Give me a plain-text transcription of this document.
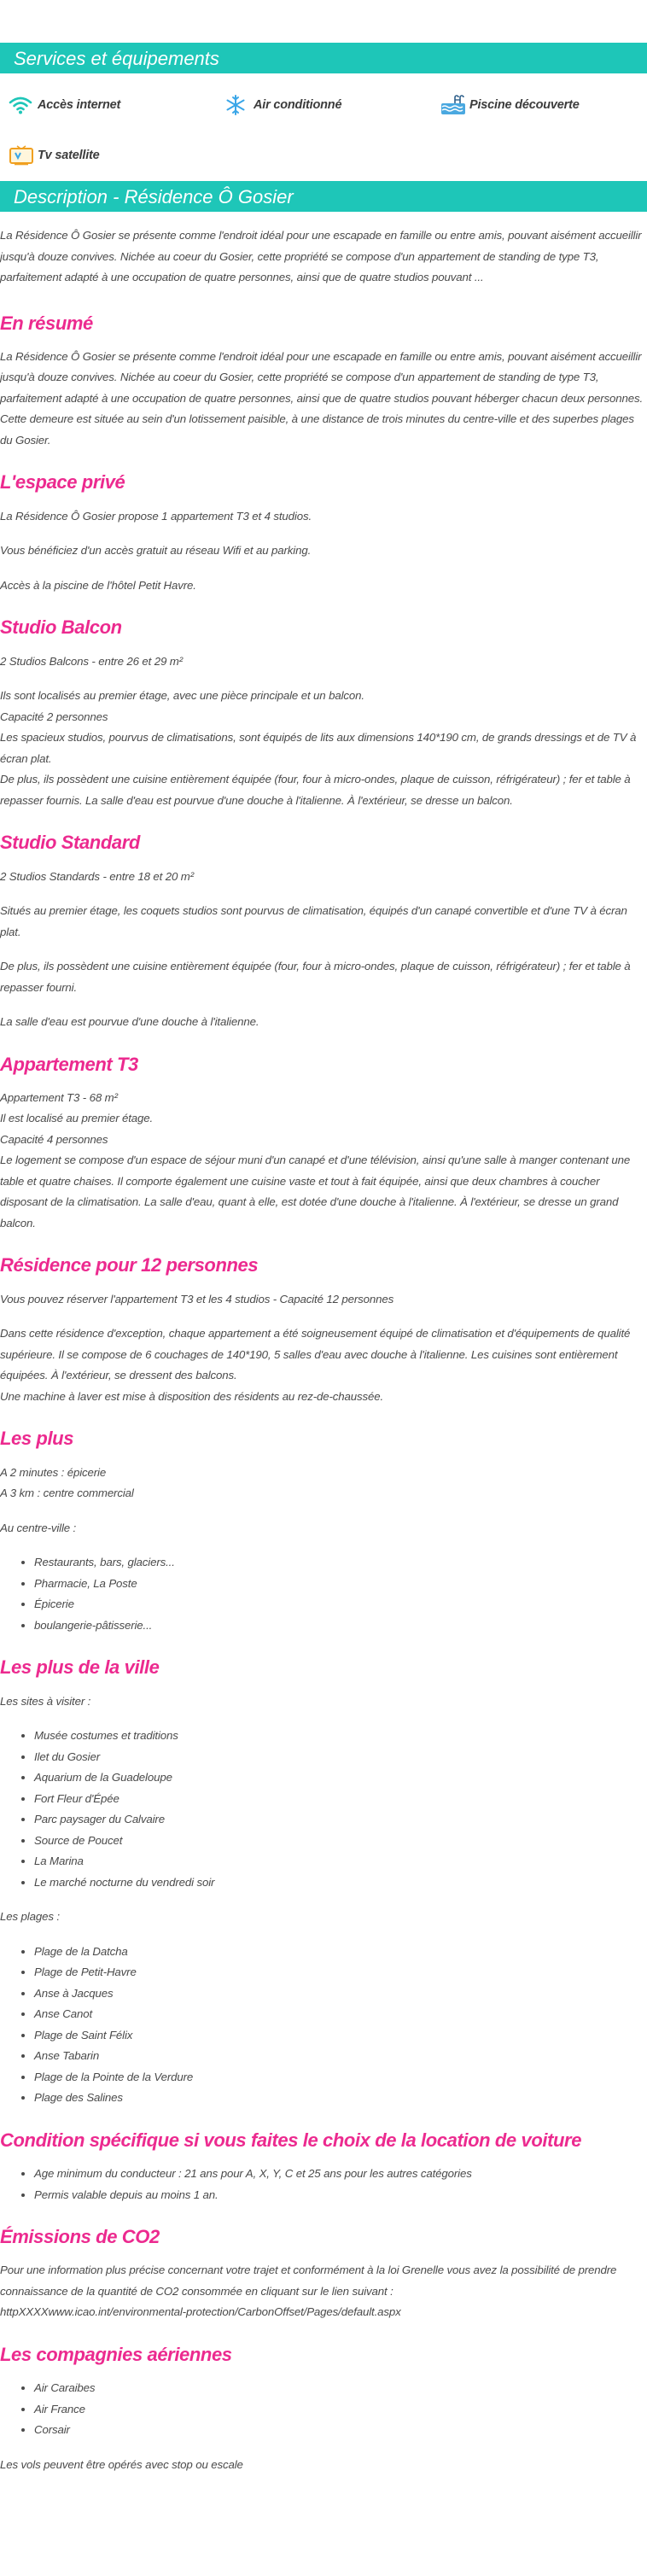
Services et équipements
Accès internet	Air conditionné	Piscine découverte
Tv satellite
Description - Résidence Ô Gosier

La Résidence Ô Gosier se présente comme l'endroit idéal pour une escapade en famille ou entre amis, pouvant aisément accueillir jusqu'à douze convives. Nichée au coeur du Gosier, cette propriété se compose d'un appartement de standing de type T3, parfaitement adapté à une occupation de quatre personnes, ainsi que de quatre studios pouvant ...

En résumé

La Résidence Ô Gosier se présente comme l'endroit idéal pour une escapade en famille ou entre amis, pouvant aisément accueillir jusqu'à douze convives. Nichée au coeur du Gosier, cette propriété se compose d'un appartement de standing de type T3, parfaitement adapté à une occupation de quatre personnes, ainsi que de quatre studios pouvant héberger chacun deux personnes.

Cette demeure est située au sein d'un lotissement paisible, à une distance de trois minutes du centre-ville et des superbes plages du Gosier.

L'espace privé

La Résidence Ô Gosier propose 1 appartement T3 et 4 studios.

Vous bénéficiez d'un accès gratuit au réseau Wifi et au parking.

Accès à la piscine de l'hôtel Petit Havre.

Studio Balcon

2 Studios Balcons - entre 26 et 29 m²

Ils sont localisés au premier étage, avec une pièce principale et un balcon.

Capacité 2 personnes

Les spacieux studios, pourvus de climatisations, sont équipés de lits aux dimensions 140*190 cm, de grands dressings et de TV à écran plat.

De plus, ils possèdent une cuisine entièrement équipée (four, four à micro-ondes, plaque de cuisson, réfrigérateur) ; fer et table à repasser fournis. La salle d'eau est pourvue d'une douche à l'italienne. À l'extérieur, se dresse un balcon.

Studio Standard

2 Studios Standards - entre 18 et 20 m²

Situés au premier étage, les coquets studios sont pourvus de climatisation, équipés d'un canapé convertible et d'une TV à écran plat.

De plus, ils possèdent une cuisine entièrement équipée (four, four à micro-ondes, plaque de cuisson, réfrigérateur) ; fer et table à repasser fourni.

La salle d'eau est pourvue d'une douche à l'italienne.

Appartement T3

Appartement T3 - 68 m²

Il est localisé au premier étage.

Capacité 4 personnes

Le logement se compose d'un espace de séjour muni d'un canapé et d'une télévision, ainsi qu'une salle à manger contenant une table et quatre chaises. Il comporte également une cuisine vaste et tout à fait équipée, ainsi que deux chambres à coucher disposant de la climatisation. La salle d'eau, quant à elle, est dotée d'une douche à l'italienne. À l'extérieur, se dresse un grand balcon.

Résidence pour 12 personnes

Vous pouvez réserver l'appartement T3 et les 4 studios - Capacité 12 personnes

Dans cette résidence d'exception, chaque appartement a été soigneusement équipé de climatisation et d'équipements de qualité supérieure. Il se compose de 6 couchages de 140*190, 5 salles d'eau avec douche à l'italienne. Les cuisines sont entièrement équipées. À l'extérieur, se dressent des balcons.

Une machine à laver est mise à disposition des résidents au rez-de-chaussée.

Les plus

A 2 minutes : épicerie

A 3 km : centre commercial

Au centre-ville :

• Restaurants, bars, glaciers...
• Pharmacie, La Poste
• Épicerie
• boulangerie-pâtisserie...
Les plus de la ville

Les sites à visiter :

• Musée costumes et traditions
• Ilet du Gosier
• Aquarium de la Guadeloupe
• Fort Fleur d'Épée
• Parc paysager du Calvaire
• Source de Poucet
• La Marina
• Le marché nocturne du vendredi soir

Les plages :

• Plage de la Datcha
• Plage de Petit-Havre
• Anse à Jacques
• Anse Canot
• Plage de Saint Félix
• Anse Tabarin
• Plage de la Pointe de la Verdure
• Plage des Salines
Condition spécifique si vous faites le choix de la location de voiture
• Age minimum du conducteur : 21 ans pour A, X, Y, C et 25 ans pour les autres catégories
• Permis valable depuis au moins 1 an.
Émissions de CO2

Pour une information plus précise concernant votre trajet et conformément à la loi Grenelle vous avez la possibilité de prendre connaissance de la quantité de CO2 consommée en cliquant sur le lien suivant :

httpXXXXwww.icao.int/environmental-protection/CarbonOffset/Pages/default.aspx

Les compagnies aériennes
• Air Caraibes
• Air France
• Corsair

Les vols peuvent être opérés avec stop ou escale
